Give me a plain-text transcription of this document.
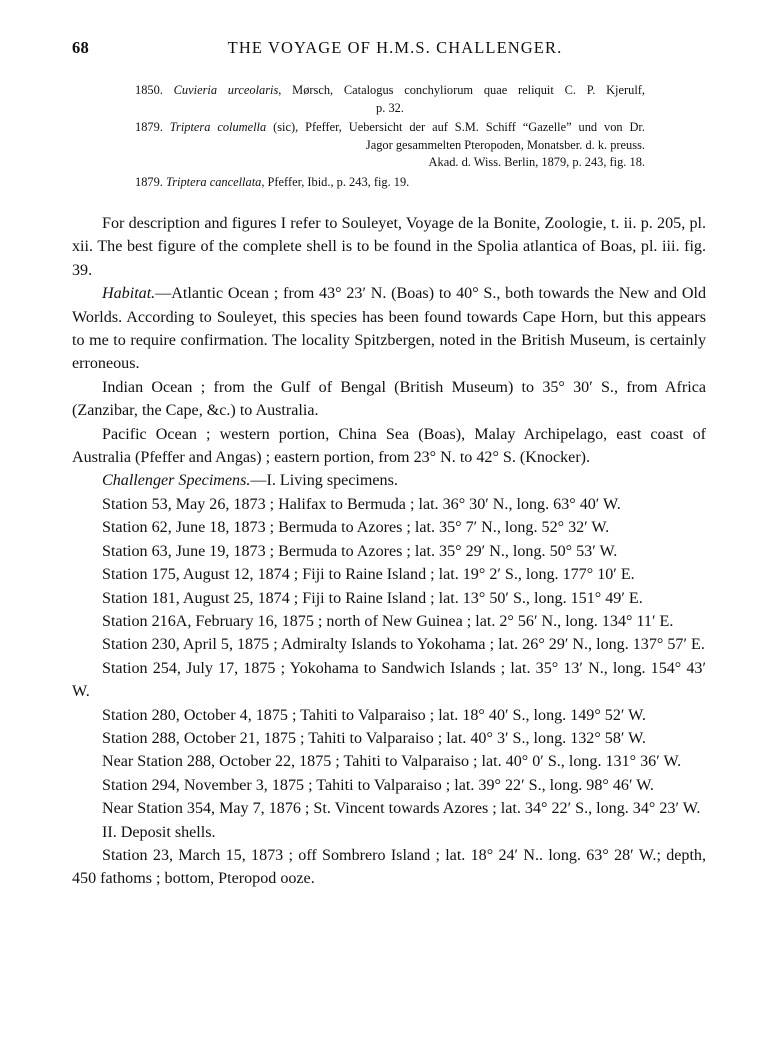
68	THE VOYAGE OF H.M.S. CHALLENGER.
1850. Cuvieria urceolaris, Mørsch, Catalogus conchyliorum quae reliquit C. P. Kjerulf,
p. 32.
1879. Triptera columella (sic), Pfeffer, Uebersicht der auf S.M. Schiff “Gazelle” und von Dr.
Jagor gesammelten Pteropoden, Monatsber. d. k. preuss.
Akad. d. Wiss. Berlin, 1879, p. 243, fig. 18.
1879. Triptera cancellata, Pfeffer, Ibid., p. 243, fig. 19.

For description and figures I refer to Souleyet, Voyage de la Bonite, Zoologie, t. ii. p. 205, pl. xii. The best figure of the complete shell is to be found in the Spolia atlantica of Boas, pl. iii. fig. 39.

Habitat.—Atlantic Ocean ; from 43° 23′ N. (Boas) to 40° S., both towards the New and Old Worlds. According to Souleyet, this species has been found towards Cape Horn, but this appears to me to require confirmation. The locality Spitzbergen, noted in the British Museum, is certainly erroneous.

Indian Ocean ; from the Gulf of Bengal (British Museum) to 35° 30′ S., from Africa (Zanzibar, the Cape, &c.) to Australia.

Pacific Ocean ; western portion, China Sea (Boas), Malay Archipelago, east coast of Australia (Pfeffer and Angas) ; eastern portion, from 23° N. to 42° S. (Knocker).

Challenger Specimens.—I. Living specimens.

Station 53, May 26, 1873 ; Halifax to Bermuda ; lat. 36° 30′ N., long. 63° 40′ W.

Station 62, June 18, 1873 ; Bermuda to Azores ; lat. 35° 7′ N., long. 52° 32′ W.

Station 63, June 19, 1873 ; Bermuda to Azores ; lat. 35° 29′ N., long. 50° 53′ W.

Station 175, August 12, 1874 ; Fiji to Raine Island ; lat. 19° 2′ S., long. 177° 10′ E.

Station 181, August 25, 1874 ; Fiji to Raine Island ; lat. 13° 50′ S., long. 151° 49′ E.

Station 216A, February 16, 1875 ; north of New Guinea ; lat. 2° 56′ N., long. 134° 11′ E.

Station 230, April 5, 1875 ; Admiralty Islands to Yokohama ; lat. 26° 29′ N., long. 137° 57′ E.

Station 254, July 17, 1875 ; Yokohama to Sandwich Islands ; lat. 35° 13′ N., long. 154° 43′ W.

Station 280, October 4, 1875 ; Tahiti to Valparaiso ; lat. 18° 40′ S., long. 149° 52′ W.

Station 288, October 21, 1875 ; Tahiti to Valparaiso ; lat. 40° 3′ S., long. 132° 58′ W.

Near Station 288, October 22, 1875 ; Tahiti to Valparaiso ; lat. 40° 0′ S., long. 131° 36′ W.

Station 294, November 3, 1875 ; Tahiti to Valparaiso ; lat. 39° 22′ S., long. 98° 46′ W.

Near Station 354, May 7, 1876 ; St. Vincent towards Azores ; lat. 34° 22′ S., long. 34° 23′ W.

II. Deposit shells.

Station 23, March 15, 1873 ; off Sombrero Island ; lat. 18° 24′ N.. long. 63° 28′ W.; depth, 450 fathoms ; bottom, Pteropod ooze.
